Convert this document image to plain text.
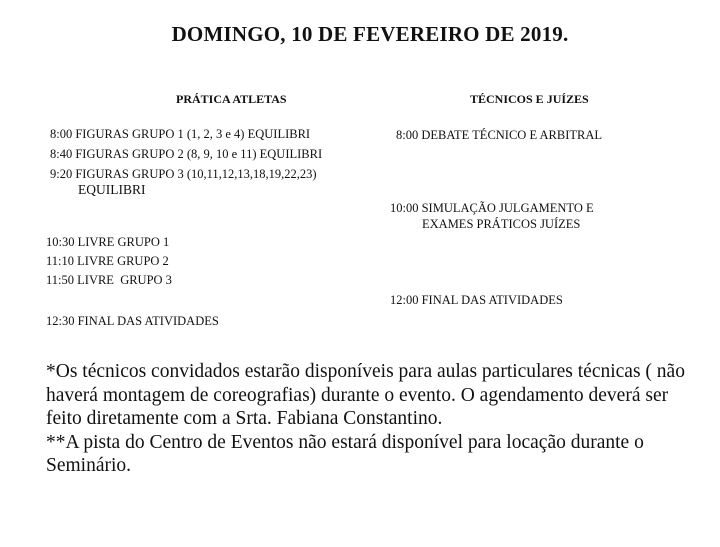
DOMINGO, 10 DE FEVEREIRO DE 2019.
PRÁTICA ATLETAS	TÉCNICOS E JUÍZES
8:00 FIGURAS GRUPO 1 (1, 2, 3 e 4) EQUILIBRI
8:40 FIGURAS GRUPO 2 (8, 9, 10 e 11) EQUILIBRI
9:20 FIGURAS GRUPO 3 (10,11,12,13,18,19,22,23)
EQUILIBRI
10:30 LIVRE GRUPO 1
11:10 LIVRE GRUPO 2
11:50 LIVRE  GRUPO 3
12:30 FINAL DAS ATIVIDADES
8:00 DEBATE TÉCNICO E ARBITRAL
10:00 SIMULAÇÃO JULGAMENTO E
EXAMES PRÁTICOS JUÍZES
12:00 FINAL DAS ATIVIDADES

*Os técnicos convidados estarão disponíveis para aulas particulares técnicas ( não haverá montagem de coreografias) durante o evento. O agendamento deverá ser feito diretamente com a Srta. Fabiana Constantino.

**A pista do Centro de Eventos não estará disponível para locação durante o Seminário.
